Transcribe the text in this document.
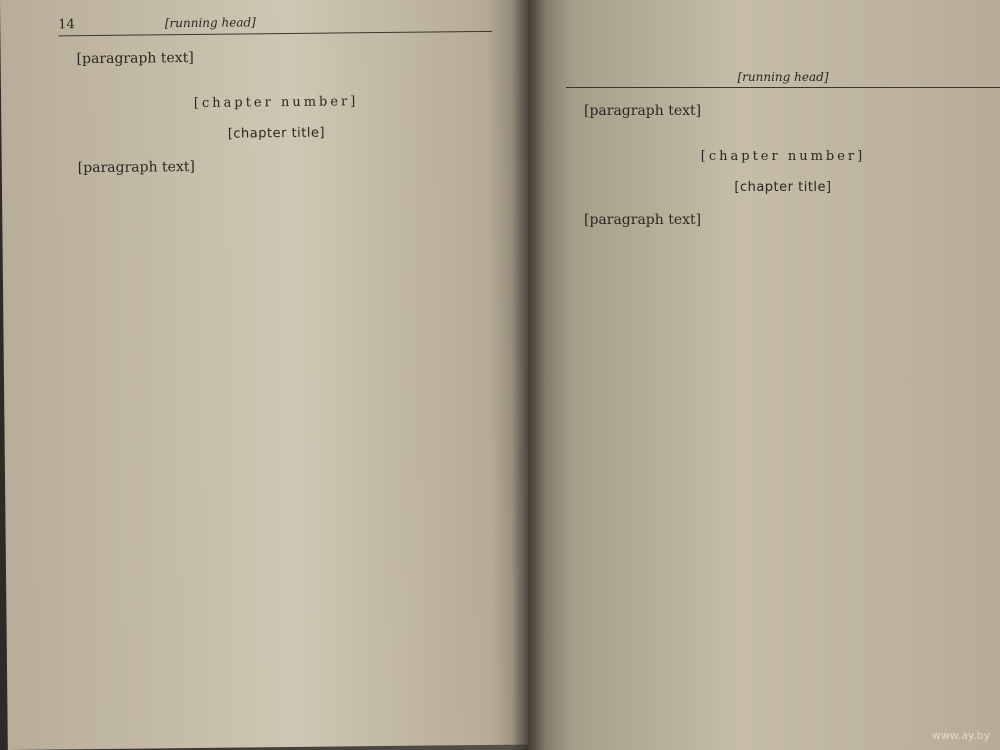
14	[running head]

[paragraph text]

[chapter number]
[chapter title]

[paragraph text]

[running head]

[paragraph text]

[chapter number]
[chapter title]

[paragraph text]

www.ay.by
